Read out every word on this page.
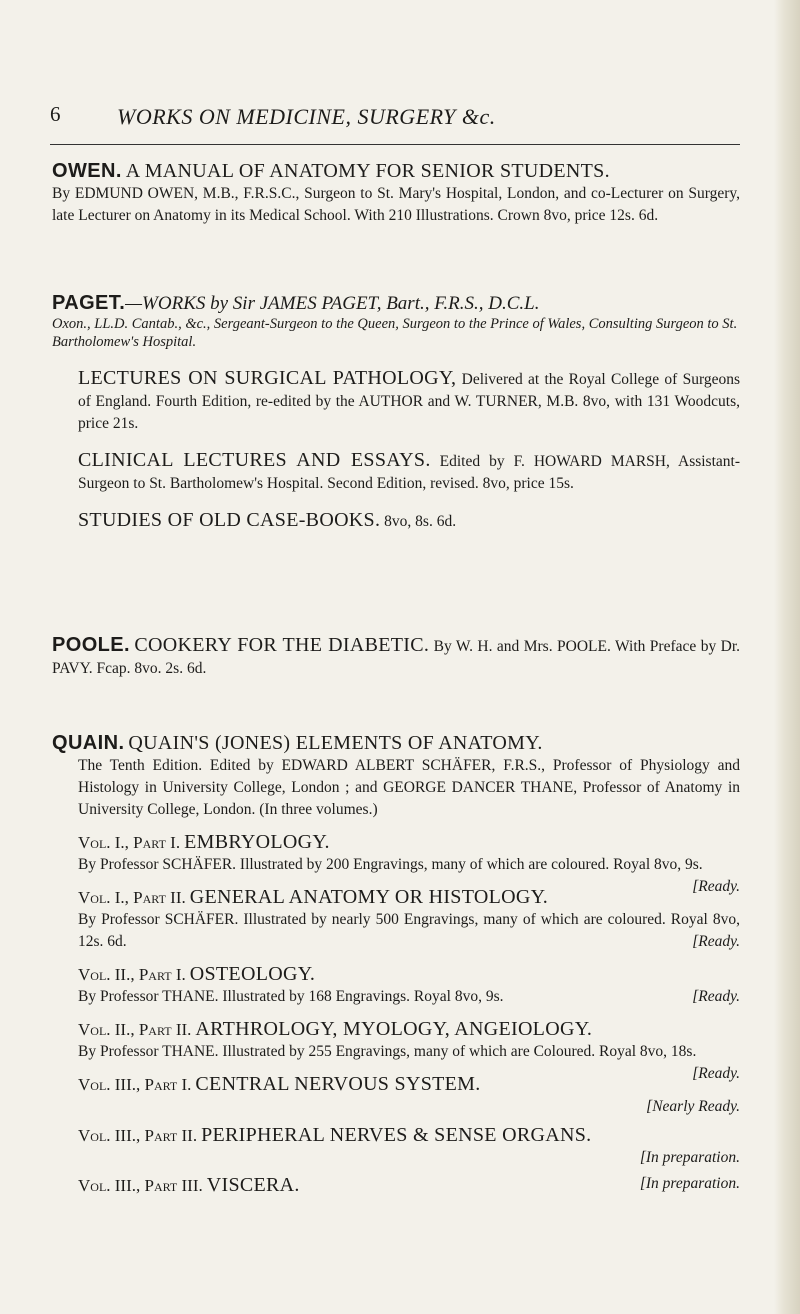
6	WORKS ON MEDICINE, SURGERY &c.

OWEN. A MANUAL OF ANATOMY FOR SENIOR STUDENTS.

By EDMUND OWEN, M.B., F.R.S.C., Surgeon to St. Mary's Hospital, London, and co-Lecturer on Surgery, late Lecturer on Anatomy in its Medical School. With 210 Illustrations. Crown 8vo, price 12s. 6d.

PAGET.—WORKS by Sir JAMES PAGET, Bart., F.R.S., D.C.L.

Oxon., LL.D. Cantab., &c., Sergeant-Surgeon to the Queen, Surgeon to the Prince of Wales, Consulting Surgeon to St. Bartholomew's Hospital.

LECTURES ON SURGICAL PATHOLOGY, Delivered at the Royal College of Surgeons of England. Fourth Edition, re-edited by the AUTHOR and W. TURNER, M.B. 8vo, with 131 Woodcuts, price 21s.

CLINICAL LECTURES AND ESSAYS. Edited by F. HOWARD MARSH, Assistant-Surgeon to St. Bartholomew's Hospital. Second Edition, revised. 8vo, price 15s.

STUDIES OF OLD CASE-BOOKS. 8vo, 8s. 6d.

POOLE. COOKERY FOR THE DIABETIC. By W. H. and Mrs. POOLE. With Preface by Dr. PAVY. Fcap. 8vo. 2s. 6d.

QUAIN. QUAIN'S (JONES) ELEMENTS OF ANATOMY.

The Tenth Edition. Edited by EDWARD ALBERT SCHÄFER, F.R.S., Professor of Physiology and Histology in University College, London ; and GEORGE DANCER THANE, Professor of Anatomy in University College, London. (In three volumes.)

Vol. I., Part I. EMBRYOLOGY.

By Professor SCHÄFER. Illustrated by 200 Engravings, many of which are coloured. Royal 8vo, 9s.
[Ready.

Vol. I., Part II. GENERAL ANATOMY OR HISTOLOGY.

By Professor SCHÄFER. Illustrated by nearly 500 Engravings, many of which are coloured. Royal 8vo, 12s. 6d.	[Ready.

Vol. II., Part I. OSTEOLOGY.

By Professor THANE. Illustrated by 168 Engravings. Royal 8vo, 9s.	[Ready.

Vol. II., Part II. ARTHROLOGY, MYOLOGY, ANGEIOLOGY.

By Professor THANE. Illustrated by 255 Engravings, many of which are Coloured. Royal 8vo, 18s.
[Ready.

Vol. III., Part I. CENTRAL NERVOUS SYSTEM.

[Nearly Ready.

Vol. III., Part II. PERIPHERAL NERVES & SENSE ORGANS.

[In preparation.

Vol. III., Part III. VISCERA.	[In preparation.
